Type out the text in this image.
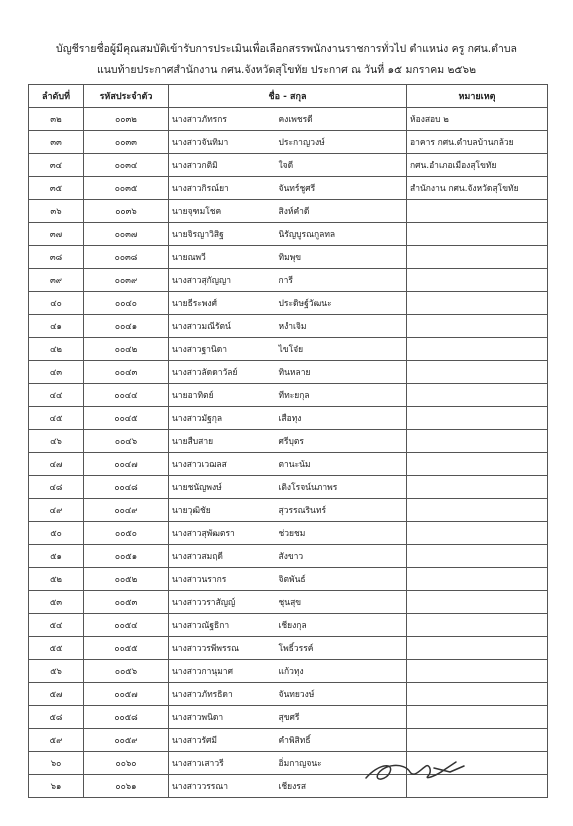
บัญชีรายชื่อผู้มีคุณสมบัติเข้ารับการประเมินเพื่อเลือกสรรพนักงานราชการทั่วไป ตำแหน่ง ครู กศน.ตำบล
แนบท้ายประกาศสำนักงาน กศน.จังหวัดสุโขทัย ประกาศ ณ วันที่ ๑๕ มกราคม ๒๕๖๒
ลำดับที่	รหัสประจำตัว	ชื่อ - สกุล		หมายเหตุ
๓๒	๐๐๓๒	นางสาวภัทรกร	คงเพชรดี	ห้องสอบ ๒
๓๓	๐๐๓๓	นางสาวจันทิมา	ประกาญวงษ์	อาคาร กศน.ตำบลบ้านกล้วย
๓๔	๐๐๓๔	นางสาวกติมิ	ใจดี	กศน.อำเภอเมืองสุโขทัย
๓๕	๐๐๓๕	นางสาวกิรณ์ยา	จันทร์ชูศรี	สำนักงาน กศน.จังหวัดสุโขทัย
๓๖	๐๐๓๖	นายจุฑมโชค	สิงห์คำดี	
๓๗	๐๐๓๗	นายจิรญาวิสิฐ	นิรัญบูรณกูลทล	
๓๘	๐๐๓๘	นายณพวี	ทิมพุข	
๓๙	๐๐๓๙	นางสาวสุกัญญา	การี	
๔๐	๐๐๔๐	นายธีระพงศ์	ประดิษฐ์วัฒนะ	
๔๑	๐๐๔๑	นางสาวมณีรัตน์	หงำเจิม	
๔๒	๐๐๔๒	นางสาวฐานิดา	ไขโจ๋ย	
๔๓	๐๐๔๓	นางสาวลัดดาวัลย์	ทินหลาย	
๔๔	๐๐๔๔	นายอาทิตย์	ทีทะยกุล	
๔๕	๐๐๔๕	นางสาวมัฐกุล	เสือทุง	
๔๖	๐๐๔๖	นายสืบสาย	ศรีบุตร	
๔๗	๐๐๔๗	นางสาวเวฌลส	ตานะน้ม	
๔๘	๐๐๔๘	นายชนัญพงษ์	เติงโรจน์นภาพร	
๔๙	๐๐๔๙	นายวุฒิชัย	สุวรรณรินทร์	
๕๐	๐๐๕๐	นางสาวสุพัฒตรา	ช่วยชม	
๕๑	๐๐๕๑	นางสาวสมฤดี	สังขาว	
๕๒	๐๐๕๒	นางสาวนรากร	จิตพันธ์	
๕๓	๐๐๕๓	นางสาววราสัญญ์	ชุนสุข	
๕๔	๐๐๕๔	นางสาวณัฐธิกา	เชียงกุล	
๕๕	๐๐๕๕	นางสาววรพีพรรณ	โพธิ์วรรค์	
๕๖	๐๐๕๖	นางสาวกานุมาศ	แก้วทุง	
๕๗	๐๐๕๗	นางสาวภัทรธิดา	จันทยวงษ์	
๕๘	๐๐๕๘	นางสาวพนิดา	สุขศรี	
๕๙	๐๐๕๙	นางสาวรัศมี	คำพิสิทธิ์	
๖๐	๐๐๖๐	นางสาวเสาวรี	อิ่มกาญจนะ	
๖๑	๐๐๖๑	นางสาววรรณา	เชียงรส	
